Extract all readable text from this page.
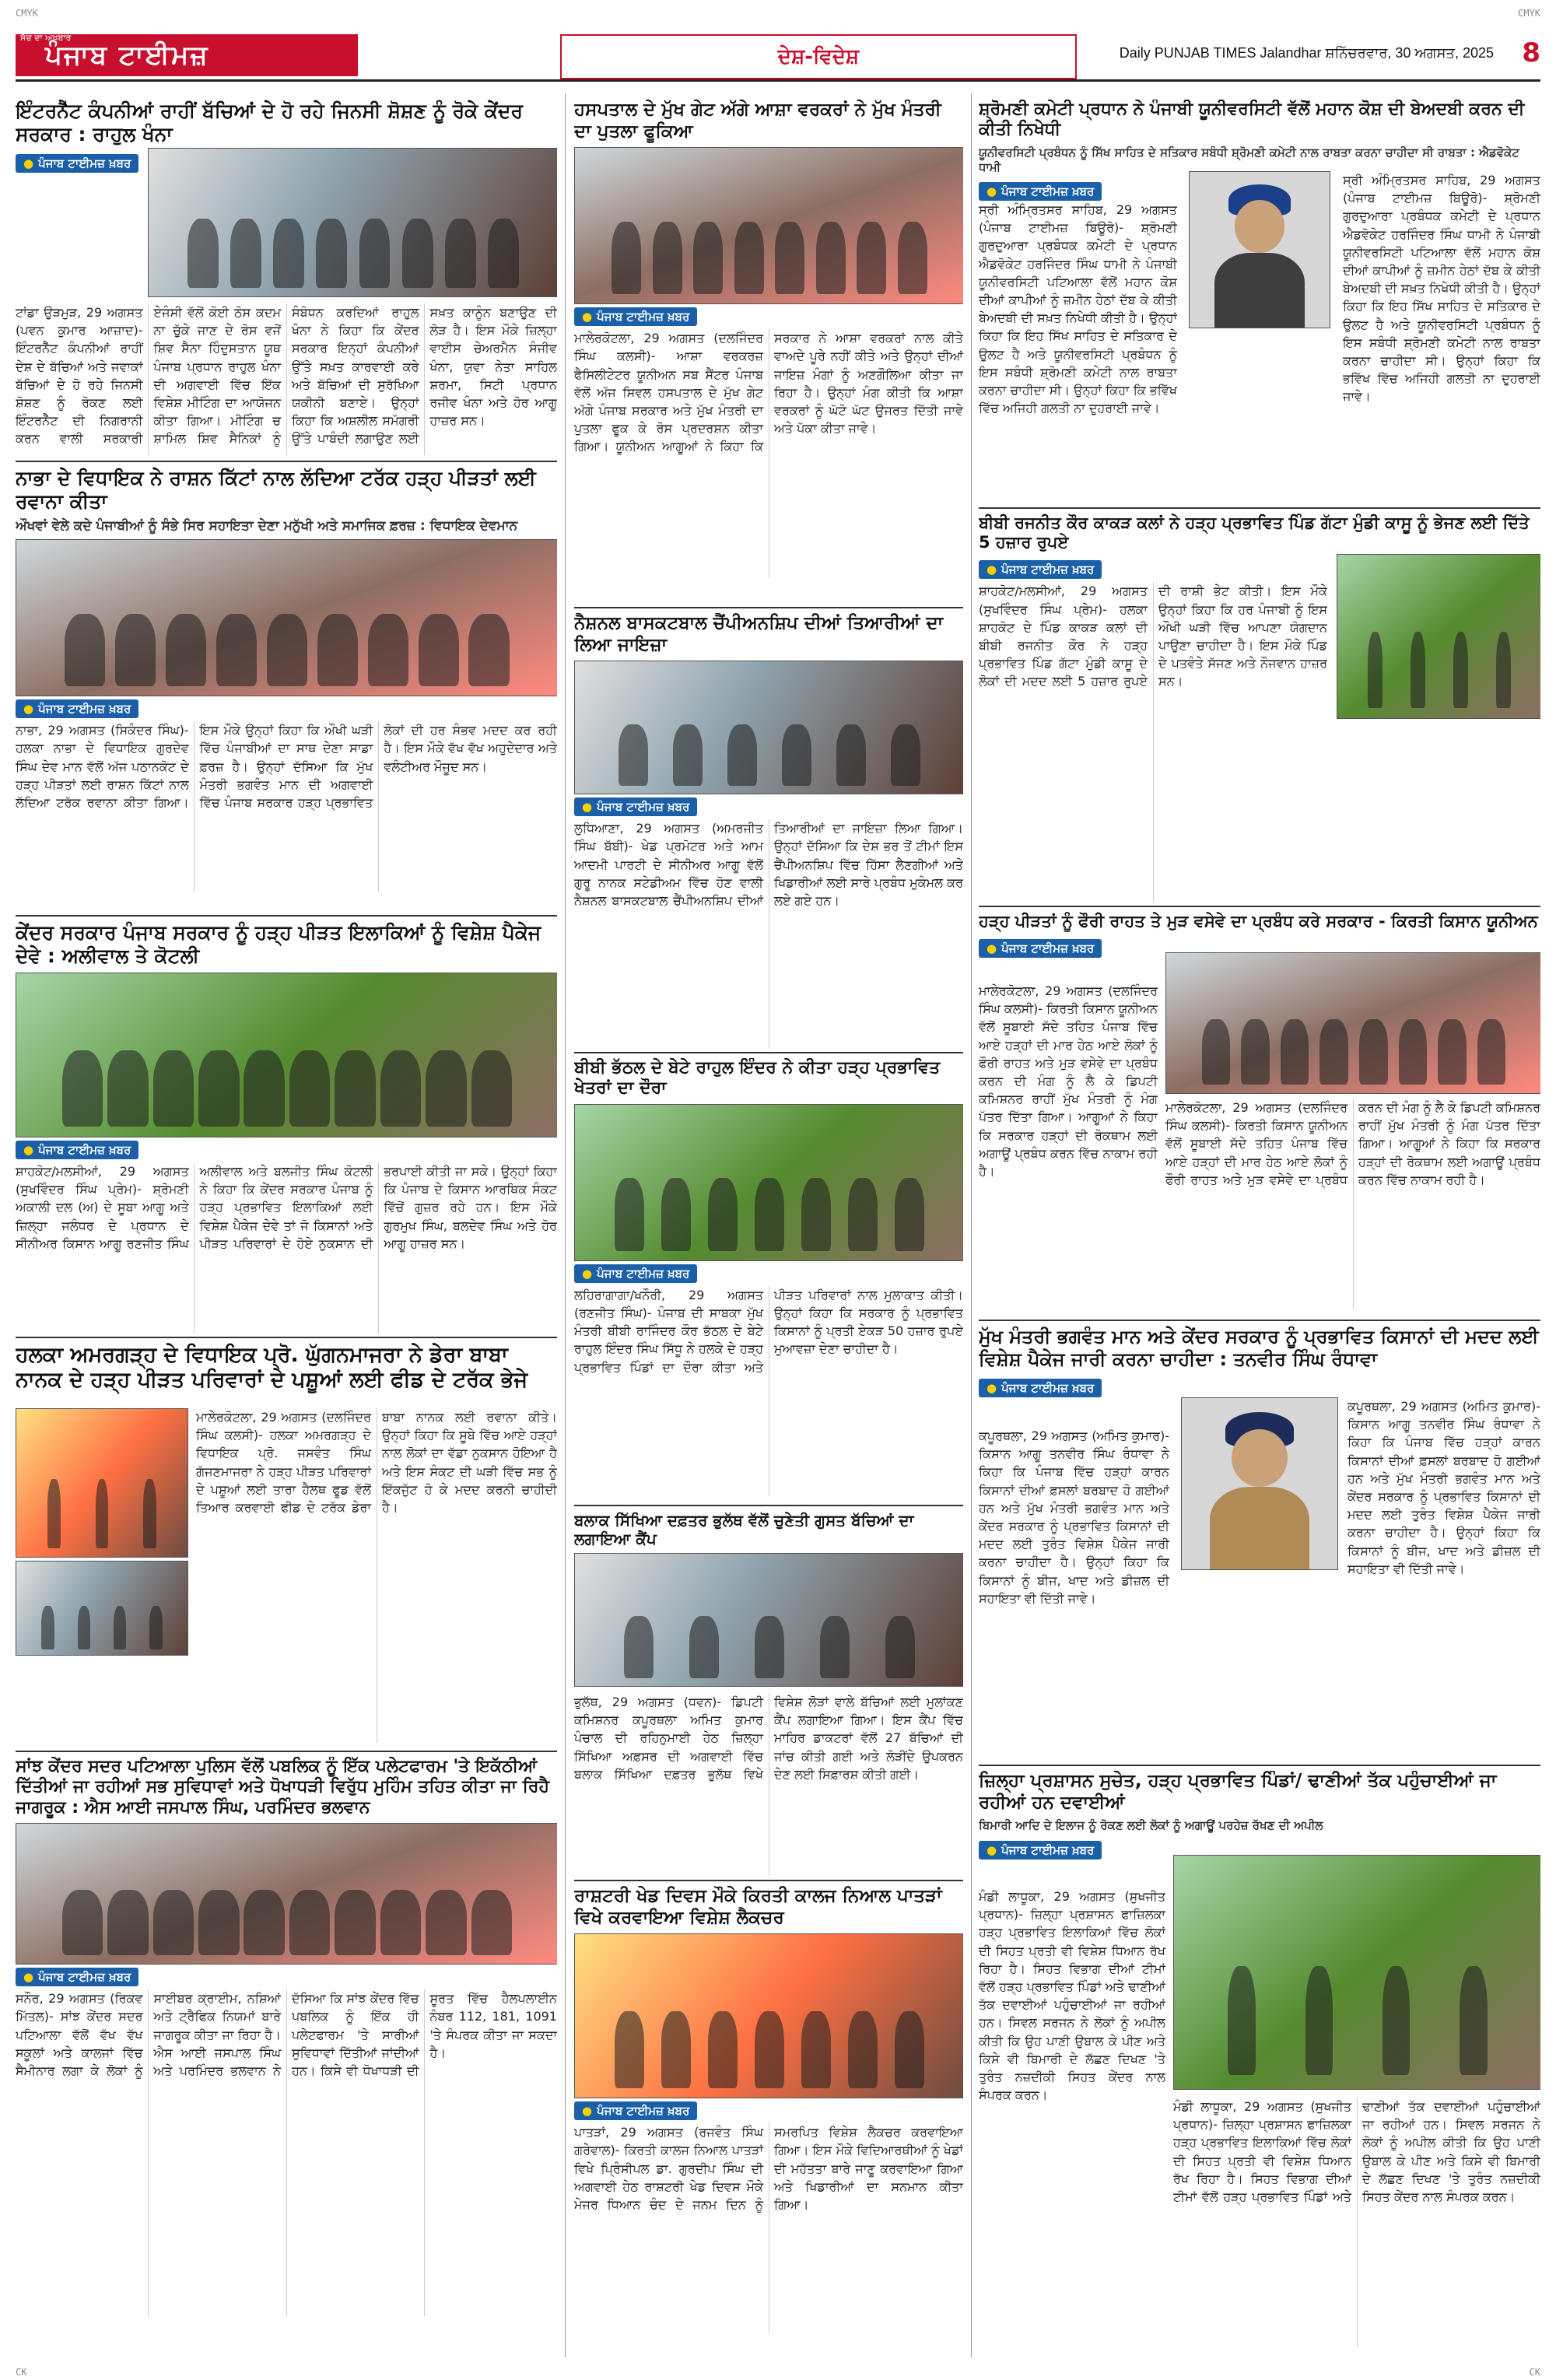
CMYK	CMYK
CK	CK
ਸੱਚ ਦਾ ਅਖ਼ਬਾਰ
ਪੰਜਾਬ ਟਾਈਮਜ਼	ਦੇਸ਼-ਵਿਦੇਸ਼	Daily PUNJAB TIMES Jalandhar ਸ਼ਨਿੱਚਰਵਾਰ, 30 ਅਗਸਤ, 2025 8
ਇੰਟਰਨੈੱਟ ਕੰਪਨੀਆਂ ਰਾਹੀਂ ਬੱਚਿਆਂ ਦੇ ਹੋ ਰਹੇ ਜਿਨਸੀ ਸ਼ੋਸ਼ਣ ਨੂੰ ਰੋਕੇ ਕੇਂਦਰ ਸਰਕਾਰ : ਰਾਹੁਲ ਖੰਨਾ
● ਪੰਜਾਬ ਟਾਈਮਜ਼ ਖ਼ਬਰ

ਟਾਂਡਾ ਉੜਮੁੜ, 29 ਅਗਸਤ (ਪਵਨ ਕੁਮਾਰ ਆਜ਼ਾਦ)- ਇੰਟਰਨੈੱਟ ਕੰਪਨੀਆਂ ਰਾਹੀਂ ਦੇਸ਼ ਦੇ ਬੱਚਿਆਂ ਅਤੇ ਜਵਾਕਾਂ ਬੱਚਿਆਂ ਦੇ ਹੋ ਰਹੇ ਜਿਨਸੀ ਸ਼ੋਸ਼ਣ ਨੂੰ ਰੋਕਣ ਲਈ ਇੰਟਰਨੈੱਟ ਦੀ ਨਿਗਰਾਨੀ ਕਰਨ ਵਾਲੀ ਸਰਕਾਰੀ ਏਜੰਸੀ ਵੱਲੋਂ ਕੋਈ ਠੋਸ ਕਦਮ ਨਾ ਚੁੱਕੇ ਜਾਣ ਦੇ ਰੋਸ ਵਜੋਂ ਸ਼ਿਵ ਸੈਨਾ ਹਿੰਦੁਸਤਾਨ ਯੂਥ ਪੰਜਾਬ ਪ੍ਰਧਾਨ ਰਾਹੁਲ ਖੰਨਾ ਦੀ ਅਗਵਾਈ ਵਿੱਚ ਇੱਕ ਵਿਸ਼ੇਸ਼ ਮੀਟਿੰਗ ਦਾ ਆਯੋਜਨ ਕੀਤਾ ਗਿਆ। ਮੀਟਿੰਗ ਚ ਸ਼ਾਮਿਲ ਸ਼ਿਵ ਸੈਨਿਕਾਂ ਨੂੰ ਸੰਬੋਧਨ ਕਰਦਿਆਂ ਰਾਹੁਲ ਖੰਨਾ ਨੇ ਕਿਹਾ ਕਿ ਕੇਂਦਰ ਸਰਕਾਰ ਇਨ੍ਹਾਂ ਕੰਪਨੀਆਂ ਉੱਤੇ ਸਖ਼ਤ ਕਾਰਵਾਈ ਕਰੇ ਅਤੇ ਬੱਚਿਆਂ ਦੀ ਸੁਰੱਖਿਆ ਯਕੀਨੀ ਬਣਾਏ। ਉਨ੍ਹਾਂ ਕਿਹਾ ਕਿ ਅਸ਼ਲੀਲ ਸਮੱਗਰੀ ਉੱਤੇ ਪਾਬੰਦੀ ਲਗਾਉਣ ਲਈ ਸਖ਼ਤ ਕਾਨੂੰਨ ਬਣਾਉਣ ਦੀ ਲੋੜ ਹੈ। ਇਸ ਮੌਕੇ ਜ਼ਿਲ੍ਹਾ ਵਾਈਸ ਚੇਅਰਮੈਨ ਸੰਜੀਵ ਖੰਨਾ, ਯੁਵਾ ਨੇਤਾ ਸਾਹਿਲ ਸ਼ਰਮਾ, ਸਿਟੀ ਪ੍ਰਧਾਨ ਰਜੀਵ ਖੰਨਾ ਅਤੇ ਹੋਰ ਆਗੂ ਹਾਜ਼ਰ ਸਨ।

ਨਾਭਾ ਦੇ ਵਿਧਾਇਕ ਨੇ ਰਾਸ਼ਨ ਕਿੱਟਾਂ ਨਾਲ ਲੱਦਿਆ ਟਰੱਕ ਹੜ੍ਹ ਪੀੜਤਾਂ ਲਈ ਰਵਾਨਾ ਕੀਤਾ

ਔਖਵਾਂ ਵੇਲੇ ਕਦੇ ਪੰਜਾਬੀਆਂ ਨੂੰ ਸੰਭੇ ਸਿਰ ਸਹਾਇਤਾ ਦੇਣਾ ਮਨੁੱਖੀ ਅਤੇ ਸਮਾਜਿਕ ਫ਼ਰਜ਼ : ਵਿਧਾਇਕ ਦੇਵਮਾਨ

● ਪੰਜਾਬ ਟਾਈਮਜ਼ ਖ਼ਬਰ

ਨਾਭਾ, 29 ਅਗਸਤ (ਸਿਕੰਦਰ ਸਿੰਘ)- ਹਲਕਾ ਨਾਭਾ ਦੇ ਵਿਧਾਇਕ ਗੁਰਦੇਵ ਸਿੰਘ ਦੇਵ ਮਾਨ ਵੱਲੋਂ ਅੱਜ ਪਠਾਨਕੋਟ ਦੇ ਹੜ੍ਹ ਪੀੜਤਾਂ ਲਈ ਰਾਸ਼ਨ ਕਿੱਟਾਂ ਨਾਲ ਲੱਦਿਆ ਟਰੱਕ ਰਵਾਨਾ ਕੀਤਾ ਗਿਆ। ਇਸ ਮੌਕੇ ਉਨ੍ਹਾਂ ਕਿਹਾ ਕਿ ਔਖੀ ਘੜੀ ਵਿੱਚ ਪੰਜਾਬੀਆਂ ਦਾ ਸਾਥ ਦੇਣਾ ਸਾਡਾ ਫ਼ਰਜ਼ ਹੈ। ਉਨ੍ਹਾਂ ਦੱਸਿਆ ਕਿ ਮੁੱਖ ਮੰਤਰੀ ਭਗਵੰਤ ਮਾਨ ਦੀ ਅਗਵਾਈ ਵਿੱਚ ਪੰਜਾਬ ਸਰਕਾਰ ਹੜ੍ਹ ਪ੍ਰਭਾਵਿਤ ਲੋਕਾਂ ਦੀ ਹਰ ਸੰਭਵ ਮਦਦ ਕਰ ਰਹੀ ਹੈ। ਇਸ ਮੌਕੇ ਵੱਖ ਵੱਖ ਅਹੁਦੇਦਾਰ ਅਤੇ ਵਲੰਟੀਅਰ ਮੌਜੂਦ ਸਨ।

ਕੇਂਦਰ ਸਰਕਾਰ ਪੰਜਾਬ ਸਰਕਾਰ ਨੂੰ ਹੜ੍ਹ ਪੀੜਤ ਇਲਾਕਿਆਂ ਨੂੰ ਵਿਸ਼ੇਸ਼ ਪੈਕੇਜ ਦੇਵੇ : ਅਲੀਵਾਲ ਤੇ ਕੋਟਲੀ
● ਪੰਜਾਬ ਟਾਈਮਜ਼ ਖ਼ਬਰ

ਸ਼ਾਹਕੋਟ/ਮਲਸੀਆਂ, 29 ਅਗਸਤ (ਸੁਖਵਿੰਦਰ ਸਿੰਘ ਪ੍ਰੇਮ)- ਸ਼੍ਰੋਮਣੀ ਅਕਾਲੀ ਦਲ (ਅ) ਦੇ ਸੂਬਾ ਆਗੂ ਅਤੇ ਜ਼ਿਲ੍ਹਾ ਜਲੰਧਰ ਦੇ ਪ੍ਰਧਾਨ ਦੇ ਸੀਨੀਅਰ ਕਿਸਾਨ ਆਗੂ ਰਣਜੀਤ ਸਿੰਘ ਅਲੀਵਾਲ ਅਤੇ ਬਲਜੀਤ ਸਿੰਘ ਕੋਟਲੀ ਨੇ ਕਿਹਾ ਕਿ ਕੇਂਦਰ ਸਰਕਾਰ ਪੰਜਾਬ ਨੂੰ ਹੜ੍ਹ ਪ੍ਰਭਾਵਿਤ ਇਲਾਕਿਆਂ ਲਈ ਵਿਸ਼ੇਸ਼ ਪੈਕੇਜ ਦੇਵੇ ਤਾਂ ਜੋ ਕਿਸਾਨਾਂ ਅਤੇ ਪੀੜਤ ਪਰਿਵਾਰਾਂ ਦੇ ਹੋਏ ਨੁਕਸਾਨ ਦੀ ਭਰਪਾਈ ਕੀਤੀ ਜਾ ਸਕੇ। ਉਨ੍ਹਾਂ ਕਿਹਾ ਕਿ ਪੰਜਾਬ ਦੇ ਕਿਸਾਨ ਆਰਥਿਕ ਸੰਕਟ ਵਿੱਚੋਂ ਗੁਜ਼ਰ ਰਹੇ ਹਨ। ਇਸ ਮੌਕੇ ਗੁਰਮੁਖ ਸਿੰਘ, ਬਲਦੇਵ ਸਿੰਘ ਅਤੇ ਹੋਰ ਆਗੂ ਹਾਜ਼ਰ ਸਨ।

ਹਲਕਾ ਅਮਰਗੜ੍ਹ ਦੇ ਵਿਧਾਇਕ ਪ੍ਰੋ. ਘੁੱਗਨਮਾਜਰਾ ਨੇ ਡੇਰਾ ਬਾਬਾ ਨਾਨਕ ਦੇ ਹੜ੍ਹ ਪੀੜਤ ਪਰਿਵਾਰਾਂ ਦੇ ਪਸ਼ੂਆਂ ਲਈ ਫੀਡ ਦੇ ਟਰੱਕ ਭੇਜੇ

ਮਾਲੇਰਕੋਟਲਾ, 29 ਅਗਸਤ (ਦਲਜਿੰਦਰ ਸਿੰਘ ਕਲਸੀ)- ਹਲਕਾ ਅਮਰਗੜ੍ਹ ਦੇ ਵਿਧਾਇਕ ਪ੍ਰੋ. ਜਸਵੰਤ ਸਿੰਘ ਗੱਜਣਮਾਜਰਾ ਨੇ ਹੜ੍ਹ ਪੀੜਤ ਪਰਿਵਾਰਾਂ ਦੇ ਪਸ਼ੂਆਂ ਲਈ ਤਾਰਾ ਹੈਲਥ ਫੂਡ ਵੱਲੋਂ ਤਿਆਰ ਕਰਵਾਈ ਫੀਡ ਦੇ ਟਰੱਕ ਡੇਰਾ ਬਾਬਾ ਨਾਨਕ ਲਈ ਰਵਾਨਾ ਕੀਤੇ। ਉਨ੍ਹਾਂ ਕਿਹਾ ਕਿ ਸੂਬੇ ਵਿੱਚ ਆਏ ਹੜ੍ਹਾਂ ਨਾਲ ਲੋਕਾਂ ਦਾ ਵੱਡਾ ਨੁਕਸਾਨ ਹੋਇਆ ਹੈ ਅਤੇ ਇਸ ਸੰਕਟ ਦੀ ਘੜੀ ਵਿੱਚ ਸਭ ਨੂੰ ਇੱਕਜੁੱਟ ਹੋ ਕੇ ਮਦਦ ਕਰਨੀ ਚਾਹੀਦੀ ਹੈ।

ਸਾਂਝ ਕੇਂਦਰ ਸਦਰ ਪਟਿਆਲਾ ਪੁਲਿਸ ਵੱਲੋਂ ਪਬਲਿਕ ਨੂੰ ਇੱਕ ਪਲੇਟਫਾਰਮ 'ਤੇ ਇਕੱਠੀਆਂ ਦਿੱਤੀਆਂ ਜਾ ਰਹੀਆਂ ਸਭ ਸੁਵਿਧਾਵਾਂ ਅਤੇ ਧੋਖਾਧੜੀ ਵਿਰੁੱਧ ਮੁਹਿੰਮ ਤਹਿਤ ਕੀਤਾ ਜਾ ਰਿਹੈ ਜਾਗਰੂਕ : ਐਸ ਆਈ ਜਸਪਾਲ ਸਿੰਘ, ਪਰਮਿੰਦਰ ਭਲਵਾਨ
● ਪੰਜਾਬ ਟਾਈਮਜ਼ ਖ਼ਬਰ

ਸਨੌਰ, 29 ਅਗਸਤ (ਰਿਕਵ ਮਿੱਤਲ)- ਸਾਂਝ ਕੇਂਦਰ ਸਦਰ ਪਟਿਆਲਾ ਵੱਲੋਂ ਵੱਖ ਵੱਖ ਸਕੂਲਾਂ ਅਤੇ ਕਾਲਜਾਂ ਵਿੱਚ ਸੈਮੀਨਾਰ ਲਗਾ ਕੇ ਲੋਕਾਂ ਨੂੰ ਸਾਈਬਰ ਕ੍ਰਾਈਮ, ਨਸ਼ਿਆਂ ਅਤੇ ਟ੍ਰੈਫਿਕ ਨਿਯਮਾਂ ਬਾਰੇ ਜਾਗਰੂਕ ਕੀਤਾ ਜਾ ਰਿਹਾ ਹੈ। ਐਸ ਆਈ ਜਸਪਾਲ ਸਿੰਘ ਅਤੇ ਪਰਮਿੰਦਰ ਭਲਵਾਨ ਨੇ ਦੱਸਿਆ ਕਿ ਸਾਂਝ ਕੇਂਦਰ ਵਿੱਚ ਪਬਲਿਕ ਨੂੰ ਇੱਕ ਹੀ ਪਲੇਟਫਾਰਮ 'ਤੇ ਸਾਰੀਆਂ ਸੁਵਿਧਾਵਾਂ ਦਿੱਤੀਆਂ ਜਾਂਦੀਆਂ ਹਨ। ਕਿਸੇ ਵੀ ਧੋਖਾਧੜੀ ਦੀ ਸੂਰਤ ਵਿੱਚ ਹੈਲਪਲਾਈਨ ਨੰਬਰ 112, 181, 1091 'ਤੇ ਸੰਪਰਕ ਕੀਤਾ ਜਾ ਸਕਦਾ ਹੈ।

ਹਸਪਤਾਲ ਦੇ ਮੁੱਖ ਗੇਟ ਅੱਗੇ ਆਸ਼ਾ ਵਰਕਰਾਂ ਨੇ ਮੁੱਖ ਮੰਤਰੀ ਦਾ ਪੁਤਲਾ ਫੂਕਿਆ
● ਪੰਜਾਬ ਟਾਈਮਜ਼ ਖ਼ਬਰ

ਮਾਲੇਰਕੋਟਲਾ, 29 ਅਗਸਤ (ਦਲਜਿੰਦਰ ਸਿੰਘ ਕਲਸੀ)- ਆਸ਼ਾ ਵਰਕਰਜ਼ ਫੈਸਿਲੀਟੇਟਰ ਯੂਨੀਅਨ ਸਬ ਸੈਂਟਰ ਪੰਜਾਬ ਵੱਲੋਂ ਅੱਜ ਸਿਵਲ ਹਸਪਤਾਲ ਦੇ ਮੁੱਖ ਗੇਟ ਅੱਗੇ ਪੰਜਾਬ ਸਰਕਾਰ ਅਤੇ ਮੁੱਖ ਮੰਤਰੀ ਦਾ ਪੁਤਲਾ ਫੂਕ ਕੇ ਰੋਸ ਪ੍ਰਦਰਸ਼ਨ ਕੀਤਾ ਗਿਆ। ਯੂਨੀਅਨ ਆਗੂਆਂ ਨੇ ਕਿਹਾ ਕਿ ਸਰਕਾਰ ਨੇ ਆਸ਼ਾ ਵਰਕਰਾਂ ਨਾਲ ਕੀਤੇ ਵਾਅਦੇ ਪੂਰੇ ਨਹੀਂ ਕੀਤੇ ਅਤੇ ਉਨ੍ਹਾਂ ਦੀਆਂ ਜਾਇਜ਼ ਮੰਗਾਂ ਨੂੰ ਅਣਗੌਲਿਆ ਕੀਤਾ ਜਾ ਰਿਹਾ ਹੈ। ਉਨ੍ਹਾਂ ਮੰਗ ਕੀਤੀ ਕਿ ਆਸ਼ਾ ਵਰਕਰਾਂ ਨੂੰ ਘੱਟੋ ਘੱਟ ਉਜਰਤ ਦਿੱਤੀ ਜਾਵੇ ਅਤੇ ਪੱਕਾ ਕੀਤਾ ਜਾਵੇ।

ਨੈਸ਼ਨਲ ਬਾਸਕਟਬਾਲ ਚੈਂਪੀਅਨਸ਼ਿਪ ਦੀਆਂ ਤਿਆਰੀਆਂ ਦਾ ਲਿਆ ਜਾਇਜ਼ਾ
● ਪੰਜਾਬ ਟਾਈਮਜ਼ ਖ਼ਬਰ

ਲੁਧਿਆਣਾ, 29 ਅਗਸਤ (ਅਮਰਜੀਤ ਸਿੰਘ ਬੱਬੀ)- ਖੇਡ ਪ੍ਰਮੋਟਰ ਅਤੇ ਆਮ ਆਦਮੀ ਪਾਰਟੀ ਦੇ ਸੀਨੀਅਰ ਆਗੂ ਵੱਲੋਂ ਗੁਰੂ ਨਾਨਕ ਸਟੇਡੀਅਮ ਵਿੱਚ ਹੋਣ ਵਾਲੀ ਨੈਸ਼ਨਲ ਬਾਸਕਟਬਾਲ ਚੈਂਪੀਅਨਸ਼ਿਪ ਦੀਆਂ ਤਿਆਰੀਆਂ ਦਾ ਜਾਇਜ਼ਾ ਲਿਆ ਗਿਆ। ਉਨ੍ਹਾਂ ਦੱਸਿਆ ਕਿ ਦੇਸ਼ ਭਰ ਤੋਂ ਟੀਮਾਂ ਇਸ ਚੈਂਪੀਅਨਸ਼ਿਪ ਵਿੱਚ ਹਿੱਸਾ ਲੈਣਗੀਆਂ ਅਤੇ ਖਿਡਾਰੀਆਂ ਲਈ ਸਾਰੇ ਪ੍ਰਬੰਧ ਮੁਕੰਮਲ ਕਰ ਲਏ ਗਏ ਹਨ।

ਬੀਬੀ ਭੱਠਲ ਦੇ ਬੇਟੇ ਰਾਹੁਲ ਇੰਦਰ ਨੇ ਕੀਤਾ ਹੜ੍ਹ ਪ੍ਰਭਾਵਿਤ ਖੇਤਰਾਂ ਦਾ ਦੌਰਾ
● ਪੰਜਾਬ ਟਾਈਮਜ਼ ਖ਼ਬਰ

ਲਹਿਰਾਗਾਗਾ/ਖਨੌਰੀ, 29 ਅਗਸਤ (ਰਣਜੀਤ ਸਿੰਘ)- ਪੰਜਾਬ ਦੀ ਸਾਬਕਾ ਮੁੱਖ ਮੰਤਰੀ ਬੀਬੀ ਰਾਜਿੰਦਰ ਕੌਰ ਭੱਠਲ ਦੇ ਬੇਟੇ ਰਾਹੁਲ ਇੰਦਰ ਸਿੰਘ ਸਿੱਧੂ ਨੇ ਹਲਕੇ ਦੇ ਹੜ੍ਹ ਪ੍ਰਭਾਵਿਤ ਪਿੰਡਾਂ ਦਾ ਦੌਰਾ ਕੀਤਾ ਅਤੇ ਪੀੜਤ ਪਰਿਵਾਰਾਂ ਨਾਲ ਮੁਲਾਕਾਤ ਕੀਤੀ। ਉਨ੍ਹਾਂ ਕਿਹਾ ਕਿ ਸਰਕਾਰ ਨੂੰ ਪ੍ਰਭਾਵਿਤ ਕਿਸਾਨਾਂ ਨੂੰ ਪ੍ਰਤੀ ਏਕੜ 50 ਹਜ਼ਾਰ ਰੁਪਏ ਮੁਆਵਜ਼ਾ ਦੇਣਾ ਚਾਹੀਦਾ ਹੈ।

ਬਲਾਕ ਸਿੱਖਿਆ ਦਫ਼ਤਰ ਭੁਲੱਥ ਵੱਲੋਂ ਚੁਣੇਤੀ ਗੁਸਤ ਬੱਚਿਆਂ ਦਾ ਲਗਾਇਆ ਕੈਂਪ

ਭੁਲੱਥ, 29 ਅਗਸਤ (ਧਵਨ)- ਡਿਪਟੀ ਕਮਿਸ਼ਨਰ ਕਪੂਰਥਲਾ ਅਮਿਤ ਕੁਮਾਰ ਪੰਚਾਲ ਦੀ ਰਹਿਨੁਮਾਈ ਹੇਠ ਜ਼ਿਲ੍ਹਾ ਸਿੱਖਿਆ ਅਫ਼ਸਰ ਦੀ ਅਗਵਾਈ ਵਿੱਚ ਬਲਾਕ ਸਿੱਖਿਆ ਦਫ਼ਤਰ ਭੁਲੱਥ ਵਿਖੇ ਵਿਸ਼ੇਸ਼ ਲੋੜਾਂ ਵਾਲੇ ਬੱਚਿਆਂ ਲਈ ਮੁਲਾਂਕਣ ਕੈਂਪ ਲਗਾਇਆ ਗਿਆ। ਇਸ ਕੈਂਪ ਵਿੱਚ ਮਾਹਿਰ ਡਾਕਟਰਾਂ ਵੱਲੋਂ 27 ਬੱਚਿਆਂ ਦੀ ਜਾਂਚ ਕੀਤੀ ਗਈ ਅਤੇ ਲੋੜੀਂਦੇ ਉਪਕਰਨ ਦੇਣ ਲਈ ਸਿਫ਼ਾਰਸ਼ ਕੀਤੀ ਗਈ।

ਰਾਸ਼ਟਰੀ ਖੇਡ ਦਿਵਸ ਮੌਕੇ ਕਿਰਤੀ ਕਾਲਜ ਨਿਆਲ ਪਾਤੜਾਂ ਵਿਖੇ ਕਰਵਾਇਆ ਵਿਸ਼ੇਸ਼ ਲੈਕਚਰ
● ਪੰਜਾਬ ਟਾਈਮਜ਼ ਖ਼ਬਰ

ਪਾਤੜਾਂ, 29 ਅਗਸਤ (ਰਜਵੰਤ ਸਿੰਘ ਗਰੇਵਾਲ)- ਕਿਰਤੀ ਕਾਲਜ ਨਿਆਲ ਪਾਤੜਾਂ ਵਿਖੇ ਪ੍ਰਿੰਸੀਪਲ ਡਾ. ਗੁਰਦੀਪ ਸਿੰਘ ਦੀ ਅਗਵਾਈ ਹੇਠ ਰਾਸ਼ਟਰੀ ਖੇਡ ਦਿਵਸ ਮੌਕੇ ਮੇਜਰ ਧਿਆਨ ਚੰਦ ਦੇ ਜਨਮ ਦਿਨ ਨੂੰ ਸਮਰਪਿਤ ਵਿਸ਼ੇਸ਼ ਲੈਕਚਰ ਕਰਵਾਇਆ ਗਿਆ। ਇਸ ਮੌਕੇ ਵਿਦਿਆਰਥੀਆਂ ਨੂੰ ਖੇਡਾਂ ਦੀ ਮਹੱਤਤਾ ਬਾਰੇ ਜਾਣੂ ਕਰਵਾਇਆ ਗਿਆ ਅਤੇ ਖਿਡਾਰੀਆਂ ਦਾ ਸਨਮਾਨ ਕੀਤਾ ਗਿਆ।

ਸ਼੍ਰੋਮਣੀ ਕਮੇਟੀ ਪ੍ਰਧਾਨ ਨੇ ਪੰਜਾਬੀ ਯੂਨੀਵਰਸਿਟੀ ਵੱਲੋਂ ਮਹਾਨ ਕੋਸ਼ ਦੀ ਬੇਅਦਬੀ ਕਰਨ ਦੀ ਕੀਤੀ ਨਿਖੇਧੀ

ਯੂਨੀਵਰਸਿਟੀ ਪ੍ਰਬੰਧਨ ਨੂੰ ਸਿੱਖ ਸਾਹਿਤ ਦੇ ਸਤਿਕਾਰ ਸਬੰਧੀ ਸ਼੍ਰੋਮਣੀ ਕਮੇਟੀ ਨਾਲ ਰਾਬਤਾ ਕਰਨਾ ਚਾਹੀਦਾ ਸੀ ਰਾਬਤਾ : ਐਡਵੋਕੇਟ ਧਾਮੀ

● ਪੰਜਾਬ ਟਾਈਮਜ਼ ਖ਼ਬਰ

ਸ੍ਰੀ ਅੰਮ੍ਰਿਤਸਰ ਸਾਹਿਬ, 29 ਅਗਸਤ (ਪੰਜਾਬ ਟਾਈਮਜ਼ ਬਿਊਰੋ)- ਸ਼੍ਰੋਮਣੀ ਗੁਰਦੁਆਰਾ ਪ੍ਰਬੰਧਕ ਕਮੇਟੀ ਦੇ ਪ੍ਰਧਾਨ ਐਡਵੋਕੇਟ ਹਰਜਿੰਦਰ ਸਿੰਘ ਧਾਮੀ ਨੇ ਪੰਜਾਬੀ ਯੂਨੀਵਰਸਿਟੀ ਪਟਿਆਲਾ ਵੱਲੋਂ ਮਹਾਨ ਕੋਸ਼ ਦੀਆਂ ਕਾਪੀਆਂ ਨੂੰ ਜ਼ਮੀਨ ਹੇਠਾਂ ਦੱਬ ਕੇ ਕੀਤੀ ਬੇਅਦਬੀ ਦੀ ਸਖ਼ਤ ਨਿਖੇਧੀ ਕੀਤੀ ਹੈ। ਉਨ੍ਹਾਂ ਕਿਹਾ ਕਿ ਇਹ ਸਿੱਖ ਸਾਹਿਤ ਦੇ ਸਤਿਕਾਰ ਦੇ ਉਲਟ ਹੈ ਅਤੇ ਯੂਨੀਵਰਸਿਟੀ ਪ੍ਰਬੰਧਨ ਨੂੰ ਇਸ ਸਬੰਧੀ ਸ਼੍ਰੋਮਣੀ ਕਮੇਟੀ ਨਾਲ ਰਾਬਤਾ ਕਰਨਾ ਚਾਹੀਦਾ ਸੀ। ਉਨ੍ਹਾਂ ਕਿਹਾ ਕਿ ਭਵਿੱਖ ਵਿੱਚ ਅਜਿਹੀ ਗਲਤੀ ਨਾ ਦੁਹਰਾਈ ਜਾਵੇ।

ਸ੍ਰੀ ਅੰਮ੍ਰਿਤਸਰ ਸਾਹਿਬ, 29 ਅਗਸਤ (ਪੰਜਾਬ ਟਾਈਮਜ਼ ਬਿਊਰੋ)- ਸ਼੍ਰੋਮਣੀ ਗੁਰਦੁਆਰਾ ਪ੍ਰਬੰਧਕ ਕਮੇਟੀ ਦੇ ਪ੍ਰਧਾਨ ਐਡਵੋਕੇਟ ਹਰਜਿੰਦਰ ਸਿੰਘ ਧਾਮੀ ਨੇ ਪੰਜਾਬੀ ਯੂਨੀਵਰਸਿਟੀ ਪਟਿਆਲਾ ਵੱਲੋਂ ਮਹਾਨ ਕੋਸ਼ ਦੀਆਂ ਕਾਪੀਆਂ ਨੂੰ ਜ਼ਮੀਨ ਹੇਠਾਂ ਦੱਬ ਕੇ ਕੀਤੀ ਬੇਅਦਬੀ ਦੀ ਸਖ਼ਤ ਨਿਖੇਧੀ ਕੀਤੀ ਹੈ। ਉਨ੍ਹਾਂ ਕਿਹਾ ਕਿ ਇਹ ਸਿੱਖ ਸਾਹਿਤ ਦੇ ਸਤਿਕਾਰ ਦੇ ਉਲਟ ਹੈ ਅਤੇ ਯੂਨੀਵਰਸਿਟੀ ਪ੍ਰਬੰਧਨ ਨੂੰ ਇਸ ਸਬੰਧੀ ਸ਼੍ਰੋਮਣੀ ਕਮੇਟੀ ਨਾਲ ਰਾਬਤਾ ਕਰਨਾ ਚਾਹੀਦਾ ਸੀ। ਉਨ੍ਹਾਂ ਕਿਹਾ ਕਿ ਭਵਿੱਖ ਵਿੱਚ ਅਜਿਹੀ ਗਲਤੀ ਨਾ ਦੁਹਰਾਈ ਜਾਵੇ।

ਬੀਬੀ ਰਜਨੀਤ ਕੌਰ ਕਾਕੜ ਕਲਾਂ ਨੇ ਹੜ੍ਹ ਪ੍ਰਭਾਵਿਤ ਪਿੰਡ ਗੱਟਾ ਮੁੰਡੀ ਕਾਸੂ ਨੂੰ ਭੇਜਣ ਲਈ ਦਿੱਤੇ 5 ਹਜ਼ਾਰ ਰੁਪਏ
● ਪੰਜਾਬ ਟਾਈਮਜ਼ ਖ਼ਬਰ

ਸ਼ਾਹਕੋਟ/ਮਲਸੀਆਂ, 29 ਅਗਸਤ (ਸੁਖਵਿੰਦਰ ਸਿੰਘ ਪ੍ਰੇਮ)- ਹਲਕਾ ਸ਼ਾਹਕੋਟ ਦੇ ਪਿੰਡ ਕਾਕੜ ਕਲਾਂ ਦੀ ਬੀਬੀ ਰਜਨੀਤ ਕੌਰ ਨੇ ਹੜ੍ਹ ਪ੍ਰਭਾਵਿਤ ਪਿੰਡ ਗੱਟਾ ਮੁੰਡੀ ਕਾਸੂ ਦੇ ਲੋਕਾਂ ਦੀ ਮਦਦ ਲਈ 5 ਹਜ਼ਾਰ ਰੁਪਏ ਦੀ ਰਾਸ਼ੀ ਭੇਟ ਕੀਤੀ। ਇਸ ਮੌਕੇ ਉਨ੍ਹਾਂ ਕਿਹਾ ਕਿ ਹਰ ਪੰਜਾਬੀ ਨੂੰ ਇਸ ਔਖੀ ਘੜੀ ਵਿੱਚ ਆਪਣਾ ਯੋਗਦਾਨ ਪਾਉਣਾ ਚਾਹੀਦਾ ਹੈ। ਇਸ ਮੌਕੇ ਪਿੰਡ ਦੇ ਪਤਵੰਤੇ ਸੱਜਣ ਅਤੇ ਨੌਜਵਾਨ ਹਾਜ਼ਰ ਸਨ।

ਹੜ੍ਹ ਪੀੜਤਾਂ ਨੂੰ ਫੌਰੀ ਰਾਹਤ ਤੇ ਮੁੜ ਵਸੇਵੇ ਦਾ ਪ੍ਰਬੰਧ ਕਰੇ ਸਰਕਾਰ - ਕਿਰਤੀ ਕਿਸਾਨ ਯੂਨੀਅਨ
● ਪੰਜਾਬ ਟਾਈਮਜ਼ ਖ਼ਬਰ

ਮਾਲੇਰਕੋਟਲਾ, 29 ਅਗਸਤ (ਦਲਜਿੰਦਰ ਸਿੰਘ ਕਲਸੀ)- ਕਿਰਤੀ ਕਿਸਾਨ ਯੂਨੀਅਨ ਵੱਲੋਂ ਸੂਬਾਈ ਸੱਦੇ ਤਹਿਤ ਪੰਜਾਬ ਵਿੱਚ ਆਏ ਹੜ੍ਹਾਂ ਦੀ ਮਾਰ ਹੇਠ ਆਏ ਲੋਕਾਂ ਨੂੰ ਫੌਰੀ ਰਾਹਤ ਅਤੇ ਮੁੜ ਵਸੇਵੇ ਦਾ ਪ੍ਰਬੰਧ ਕਰਨ ਦੀ ਮੰਗ ਨੂੰ ਲੈ ਕੇ ਡਿਪਟੀ ਕਮਿਸ਼ਨਰ ਰਾਹੀਂ ਮੁੱਖ ਮੰਤਰੀ ਨੂੰ ਮੰਗ ਪੱਤਰ ਦਿੱਤਾ ਗਿਆ। ਆਗੂਆਂ ਨੇ ਕਿਹਾ ਕਿ ਸਰਕਾਰ ਹੜ੍ਹਾਂ ਦੀ ਰੋਕਥਾਮ ਲਈ ਅਗਾਊਂ ਪ੍ਰਬੰਧ ਕਰਨ ਵਿੱਚ ਨਾਕਾਮ ਰਹੀ ਹੈ।

ਮਾਲੇਰਕੋਟਲਾ, 29 ਅਗਸਤ (ਦਲਜਿੰਦਰ ਸਿੰਘ ਕਲਸੀ)- ਕਿਰਤੀ ਕਿਸਾਨ ਯੂਨੀਅਨ ਵੱਲੋਂ ਸੂਬਾਈ ਸੱਦੇ ਤਹਿਤ ਪੰਜਾਬ ਵਿੱਚ ਆਏ ਹੜ੍ਹਾਂ ਦੀ ਮਾਰ ਹੇਠ ਆਏ ਲੋਕਾਂ ਨੂੰ ਫੌਰੀ ਰਾਹਤ ਅਤੇ ਮੁੜ ਵਸੇਵੇ ਦਾ ਪ੍ਰਬੰਧ ਕਰਨ ਦੀ ਮੰਗ ਨੂੰ ਲੈ ਕੇ ਡਿਪਟੀ ਕਮਿਸ਼ਨਰ ਰਾਹੀਂ ਮੁੱਖ ਮੰਤਰੀ ਨੂੰ ਮੰਗ ਪੱਤਰ ਦਿੱਤਾ ਗਿਆ। ਆਗੂਆਂ ਨੇ ਕਿਹਾ ਕਿ ਸਰਕਾਰ ਹੜ੍ਹਾਂ ਦੀ ਰੋਕਥਾਮ ਲਈ ਅਗਾਊਂ ਪ੍ਰਬੰਧ ਕਰਨ ਵਿੱਚ ਨਾਕਾਮ ਰਹੀ ਹੈ।

ਮੁੱਖ ਮੰਤਰੀ ਭਗਵੰਤ ਮਾਨ ਅਤੇ ਕੇਂਦਰ ਸਰਕਾਰ ਨੂੰ ਪ੍ਰਭਾਵਿਤ ਕਿਸਾਨਾਂ ਦੀ ਮਦਦ ਲਈ ਵਿਸ਼ੇਸ਼ ਪੈਕੇਜ ਜਾਰੀ ਕਰਨਾ ਚਾਹੀਦਾ : ਤਨਵੀਰ ਸਿੰਘ ਰੰਧਾਵਾ
● ਪੰਜਾਬ ਟਾਈਮਜ਼ ਖ਼ਬਰ

ਕਪੂਰਥਲਾ, 29 ਅਗਸਤ (ਅਮਿਤ ਕੁਮਾਰ)- ਕਿਸਾਨ ਆਗੂ ਤਨਵੀਰ ਸਿੰਘ ਰੰਧਾਵਾ ਨੇ ਕਿਹਾ ਕਿ ਪੰਜਾਬ ਵਿੱਚ ਹੜ੍ਹਾਂ ਕਾਰਨ ਕਿਸਾਨਾਂ ਦੀਆਂ ਫ਼ਸਲਾਂ ਬਰਬਾਦ ਹੋ ਗਈਆਂ ਹਨ ਅਤੇ ਮੁੱਖ ਮੰਤਰੀ ਭਗਵੰਤ ਮਾਨ ਅਤੇ ਕੇਂਦਰ ਸਰਕਾਰ ਨੂੰ ਪ੍ਰਭਾਵਿਤ ਕਿਸਾਨਾਂ ਦੀ ਮਦਦ ਲਈ ਤੁਰੰਤ ਵਿਸ਼ੇਸ਼ ਪੈਕੇਜ ਜਾਰੀ ਕਰਨਾ ਚਾਹੀਦਾ ਹੈ। ਉਨ੍ਹਾਂ ਕਿਹਾ ਕਿ ਕਿਸਾਨਾਂ ਨੂੰ ਬੀਜ, ਖਾਦ ਅਤੇ ਡੀਜ਼ਲ ਦੀ ਸਹਾਇਤਾ ਵੀ ਦਿੱਤੀ ਜਾਵੇ।

ਕਪੂਰਥਲਾ, 29 ਅਗਸਤ (ਅਮਿਤ ਕੁਮਾਰ)- ਕਿਸਾਨ ਆਗੂ ਤਨਵੀਰ ਸਿੰਘ ਰੰਧਾਵਾ ਨੇ ਕਿਹਾ ਕਿ ਪੰਜਾਬ ਵਿੱਚ ਹੜ੍ਹਾਂ ਕਾਰਨ ਕਿਸਾਨਾਂ ਦੀਆਂ ਫ਼ਸਲਾਂ ਬਰਬਾਦ ਹੋ ਗਈਆਂ ਹਨ ਅਤੇ ਮੁੱਖ ਮੰਤਰੀ ਭਗਵੰਤ ਮਾਨ ਅਤੇ ਕੇਂਦਰ ਸਰਕਾਰ ਨੂੰ ਪ੍ਰਭਾਵਿਤ ਕਿਸਾਨਾਂ ਦੀ ਮਦਦ ਲਈ ਤੁਰੰਤ ਵਿਸ਼ੇਸ਼ ਪੈਕੇਜ ਜਾਰੀ ਕਰਨਾ ਚਾਹੀਦਾ ਹੈ। ਉਨ੍ਹਾਂ ਕਿਹਾ ਕਿ ਕਿਸਾਨਾਂ ਨੂੰ ਬੀਜ, ਖਾਦ ਅਤੇ ਡੀਜ਼ਲ ਦੀ ਸਹਾਇਤਾ ਵੀ ਦਿੱਤੀ ਜਾਵੇ।

ਜ਼ਿਲ੍ਹਾ ਪ੍ਰਸ਼ਾਸਨ ਸੁਚੇਤ, ਹੜ੍ਹ ਪ੍ਰਭਾਵਿਤ ਪਿੰਡਾਂ/ ਢਾਣੀਆਂ ਤੱਕ ਪਹੁੰਚਾਈਆਂ ਜਾ ਰਹੀਆਂ ਹਨ ਦਵਾਈਆਂ

ਬਿਮਾਰੀ ਆਦਿ ਦੇ ਇਲਾਜ ਨੂੰ ਰੋਕਣ ਲਈ ਲੋਕਾਂ ਨੂੰ ਅਗਾਊਂ ਪਰਹੇਜ਼ ਰੱਖਣ ਦੀ ਅਪੀਲ

● ਪੰਜਾਬ ਟਾਈਮਜ਼ ਖ਼ਬਰ

ਮੰਡੀ ਲਾਧੂਕਾ, 29 ਅਗਸਤ (ਸੁਖਜੀਤ ਪ੍ਰਧਾਨ)- ਜ਼ਿਲ੍ਹਾ ਪ੍ਰਸ਼ਾਸਨ ਫਾਜ਼ਿਲਕਾ ਹੜ੍ਹ ਪ੍ਰਭਾਵਿਤ ਇਲਾਕਿਆਂ ਵਿੱਚ ਲੋਕਾਂ ਦੀ ਸਿਹਤ ਪ੍ਰਤੀ ਵੀ ਵਿਸ਼ੇਸ਼ ਧਿਆਨ ਰੱਖ ਰਿਹਾ ਹੈ। ਸਿਹਤ ਵਿਭਾਗ ਦੀਆਂ ਟੀਮਾਂ ਵੱਲੋਂ ਹੜ੍ਹ ਪ੍ਰਭਾਵਿਤ ਪਿੰਡਾਂ ਅਤੇ ਢਾਣੀਆਂ ਤੱਕ ਦਵਾਈਆਂ ਪਹੁੰਚਾਈਆਂ ਜਾ ਰਹੀਆਂ ਹਨ। ਸਿਵਲ ਸਰਜਨ ਨੇ ਲੋਕਾਂ ਨੂੰ ਅਪੀਲ ਕੀਤੀ ਕਿ ਉਹ ਪਾਣੀ ਉਬਾਲ ਕੇ ਪੀਣ ਅਤੇ ਕਿਸੇ ਵੀ ਬਿਮਾਰੀ ਦੇ ਲੱਛਣ ਦਿਖਣ 'ਤੇ ਤੁਰੰਤ ਨਜ਼ਦੀਕੀ ਸਿਹਤ ਕੇਂਦਰ ਨਾਲ ਸੰਪਰਕ ਕਰਨ।

ਮੰਡੀ ਲਾਧੂਕਾ, 29 ਅਗਸਤ (ਸੁਖਜੀਤ ਪ੍ਰਧਾਨ)- ਜ਼ਿਲ੍ਹਾ ਪ੍ਰਸ਼ਾਸਨ ਫਾਜ਼ਿਲਕਾ ਹੜ੍ਹ ਪ੍ਰਭਾਵਿਤ ਇਲਾਕਿਆਂ ਵਿੱਚ ਲੋਕਾਂ ਦੀ ਸਿਹਤ ਪ੍ਰਤੀ ਵੀ ਵਿਸ਼ੇਸ਼ ਧਿਆਨ ਰੱਖ ਰਿਹਾ ਹੈ। ਸਿਹਤ ਵਿਭਾਗ ਦੀਆਂ ਟੀਮਾਂ ਵੱਲੋਂ ਹੜ੍ਹ ਪ੍ਰਭਾਵਿਤ ਪਿੰਡਾਂ ਅਤੇ ਢਾਣੀਆਂ ਤੱਕ ਦਵਾਈਆਂ ਪਹੁੰਚਾਈਆਂ ਜਾ ਰਹੀਆਂ ਹਨ। ਸਿਵਲ ਸਰਜਨ ਨੇ ਲੋਕਾਂ ਨੂੰ ਅਪੀਲ ਕੀਤੀ ਕਿ ਉਹ ਪਾਣੀ ਉਬਾਲ ਕੇ ਪੀਣ ਅਤੇ ਕਿਸੇ ਵੀ ਬਿਮਾਰੀ ਦੇ ਲੱਛਣ ਦਿਖਣ 'ਤੇ ਤੁਰੰਤ ਨਜ਼ਦੀਕੀ ਸਿਹਤ ਕੇਂਦਰ ਨਾਲ ਸੰਪਰਕ ਕਰਨ।
